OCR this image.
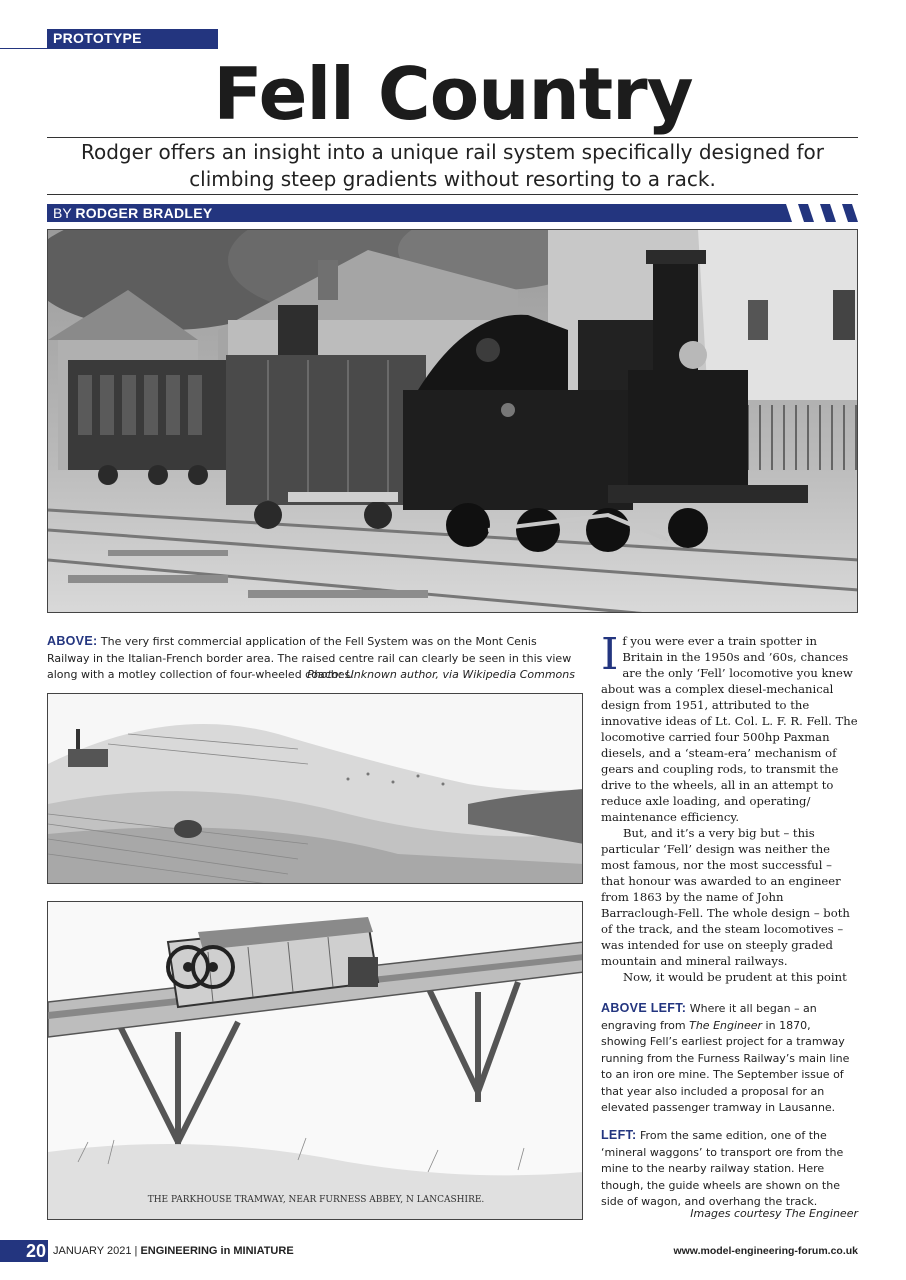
PROTOTYPE
Fell Country
Rodger offers an insight into a unique rail system specifically designed for
climbing steep gradients without resorting to a rack.
BY RODGER BRADLEY
ABOVE: The very first commercial application of the Fell System was on the Mont Cenis Railway in the Italian-French border area. The raised centre rail can clearly be seen in this view along with a motley collection of four-wheeled coaches.
Photo: Unknown author, via Wikipedia Commons
THE PARKHOUSE TRAMWAY, NEAR FURNESS ABBEY, N LANCASHIRE.

If you were ever a train spotter in Britain in the 1950s and ’60s, chances are the only ‘Fell’ locomotive you knew about was a complex diesel-mechanical design from 1951, attributed to the innovative ideas of Lt. Col. L. F. R. Fell. The locomotive carried four 500hp Paxman diesels, and a ‘steam-era’ mechanism of gears and coupling rods, to transmit the drive to the wheels, all in an attempt to reduce axle loading, and operating/ maintenance efficiency.

But, and it’s a very big but – this particular ‘Fell’ design was neither the most famous, nor the most successful – that honour was awarded to an engineer from 1863 by the name of John Barraclough-Fell. The whole design – both of the track, and the steam locomotives – was intended for use on steeply graded mountain and mineral railways.

Now, it would be prudent at this point

ABOVE LEFT: Where it all began – an engraving from The Engineer in 1870, showing Fell’s earliest project for a tramway running from the Furness Railway’s main line to an iron ore mine. The September issue of that year also included a proposal for an elevated passenger tramway in Lausanne.
LEFT: From the same edition, one of the ‘mineral waggons’ to transport ore from the mine to the nearby railway station. Here though, the guide wheels are shown on the side of wagon, and overhang the track.
Images courtesy The Engineer
20 JANUARY 2021 | ENGINEERING in MINIATURE	www.model-engineering-forum.co.uk
